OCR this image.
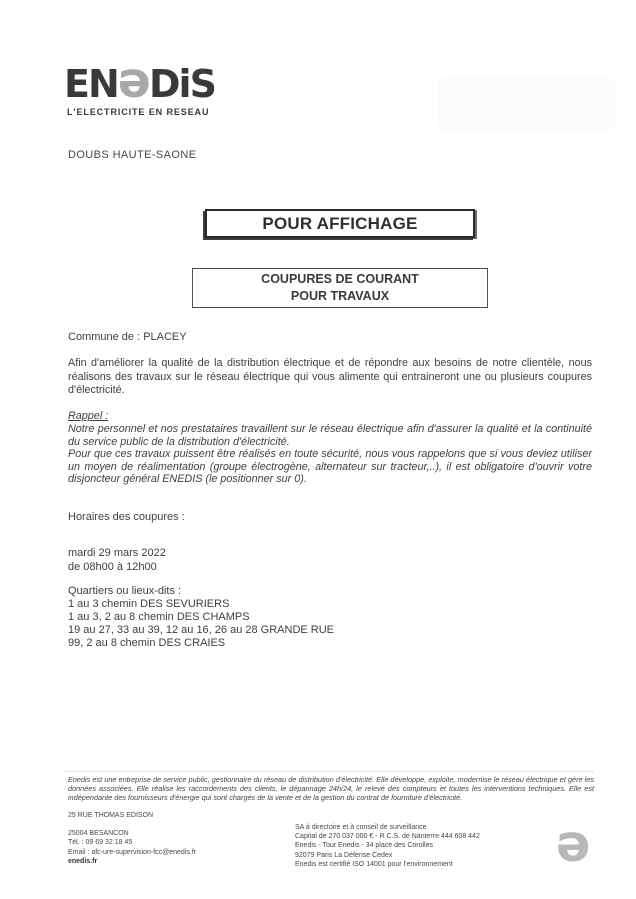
ENǝDiS
L'ELECTRICITE EN RESEAU
DOUBS HAUTE-SAONE
POUR AFFICHAGE
COUPURES DE COURANT
POUR TRAVAUX
Commune de : PLACEY
Afin d'améliorer la qualité de la distribution électrique et de répondre aux besoins de notre clientèle, nous réalisons des travaux sur le réseau électrique qui vous alimente qui entraineront une ou plusieurs coupures d'électricité.
Rappel :

Notre personnel et nos prestataires travaillent sur le réseau électrique afin d'assurer la qualité et la continuité du service public de la distribution d'électricité.

Pour que ces travaux puissent être réalisés en toute sécurité, nous vous rappelons que si vous deviez utiliser un moyen de réalimentation (groupe électrogène, alternateur sur tracteur,..), il est obligatoire d'ouvrir votre disjoncteur général ENEDIS (le positionner sur 0).

Horaires des coupures :
mardi 29 mars 2022
de 08h00 à 12h00
Quartiers ou lieux-dits :
1 au 3 chemin DES SEVURIERS
1 au 3, 2 au 8 chemin DES CHAMPS
19 au 27, 33 au 39, 12 au 16, 26 au 28 GRANDE RUE
99, 2 au 8 chemin DES CRAIES
Enedis est une entreprise de service public, gestionnaire du réseau de distribution d'électricité. Elle développe, exploite, modernise le réseau électrique et gère les données associées. Elle réalise les raccordements des clients, le dépannage 24h/24, le relevé des compteurs et toutes les interventions techniques. Elle est indépendante des fournisseurs d'énergie qui sont chargés de la vente et de la gestion du contrat de fourniture d'électricité.
25 RUE THOMAS EDISON
25004 BESANCON
Tél. : 09 69 32 18 45
Email : afc-ure-supervision-fcc@enedis.fr
enedis.fr
SA à directoire et à conseil de surveillance
Capital de 270 037 000 € - R.C.S. de Nanterre 444 608 442
Enedis - Tour Enedis - 34 place des Corolles
92079 Paris La Défense Cedex
Enedis est certifié ISO 14001 pour l'environnement	ǝ
